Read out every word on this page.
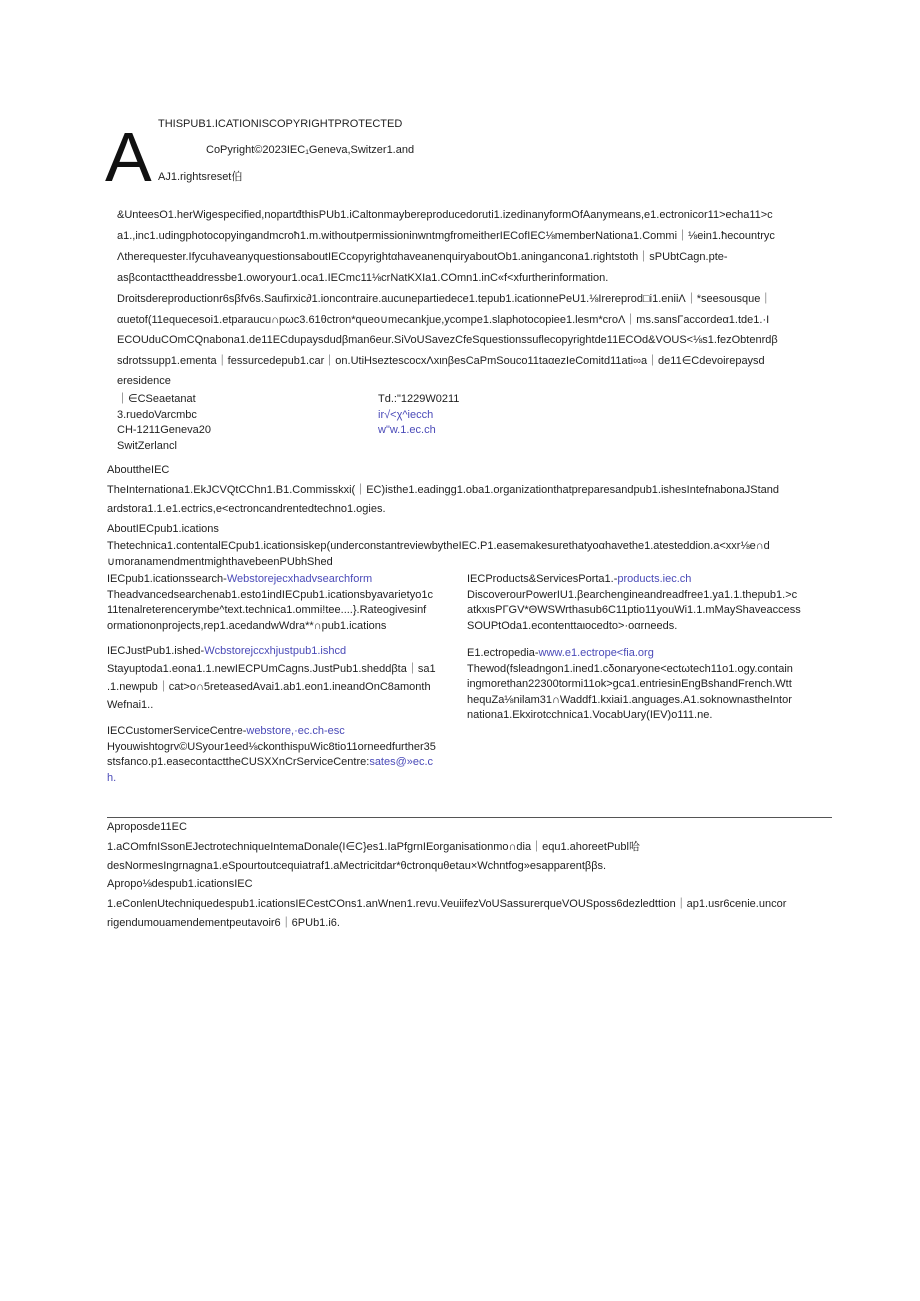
A THISPUB1.ICATIONISCOPYRIGHTPROTECTED
CoPyright©2023IEC₁Geneva,Switzer1.and
AJ1.rightsreset伯
&UnteesO1.herWigespecified,nopartđthisPUb1.iCaltonmaybereproducedoruti1.izedinanyformOfAanymeans,e1.ectronicor11>echa11>c
a1.,inc1.udingphotocopyingandmcroħ1.m.withoutpermissioninwntmgfromeitherIECofIEC⅛memberNationa1.Commi｜⅛ein1.ħecountryc
Λtherequester.IfycuhaveanyquestionsaboutIECcopyrightαhaveanenquiryaboutOb1.aningancona1.rightstoth｜sPUbtCagn.pte-
asβcontacttheaddressbe1.oworyour1.oca1.IECmc11⅛crNatKXIa1.COmn1.inC«f<xfurtherinformation.
Droitsdereproductionr6sβfv6s.Saufirxic∂1.ioncontraire.aucunepartiedece1.tepub1.icationnePeU1.⅛Irereprod□i1.eniiΛ｜*seesousque｜
αuetof(11equecesoi1.etparaucu∩pωc3.61θctron*queo∪mecankjue,ycompe1.slaphotocopiee1.lesm*croΛ｜ms.sansΓaccordeα1.tde1.·I
ECOUduCOmCQnabona1.de11ECdupaysdudβman6eur.SiVoUSavezCfeSquestionssuflecopyrightde11ECOd&VOUS<⅛s1.fezObtenrdβ
sdrotssupp1.ementa｜fessurcedepub1.car｜on.UtiHseztescocxΛxιnβesCaPmSouco11taαezIeComitd11ati∞a｜de11∈Cdevoirepaysd
eresidence
｜∈CSeaetanat
3.ruedoVarcmbc
CH-1211Geneva20
SwitZerlancl
Td.:"1229W0211
ir√<χ^iecch
w"w.1.ec.ch
AbouttheIEC
TheInternationa1.EkJCVQtCChn1.B1.Commisskxi(｜EC)isthe1.eadingg1.oba1.organizationthatpreparesandpub1.ishesIntefnabonaJStand
ardstora1.1.e1.ectrics,e<ectroncandrentedtechno1.ogies.
AboutIECpub1.ications
Thetechnica1.contentalECpub1.icationsiskep(underconstantreviewbytheIEC.P1.easemakesurethatyoαhavethe1.atesteddion.a<xxr⅛e∩d
∪moranamendmentmighthavebeenPUbhShed
IECpub1.icationssearch-Webstorejecxhadvsearchform
Theadvancedsearchenab1.esto1indIECpub1.icationsbyavarietyo1c
11tenalreterencerymbe^text.technica1.ommi!tee....}.Rateogivesinf
ormationonprojects,rep1.acedandwWdra**∩pub1.ications
IECJustPub1.ished-Wcbstorejccxhjustpub1.ishcd
Stayuptoda1.eona1.1.newIECPUmCagns.JustPub1.sheddβta｜sa1
.1.newpub｜cat>o∩5reteasedAvai1.ab1.eon1.ineandOnC8amonth
Wefnai1..
IECCustomerServiceCentre-webstore,·ec.ch-esc
Hyouwishtogrv©USyour1eed⅛ckonthispuWic8tio11orneedfurther35
stsfanco.p1.easecontacttheCUSXXnCrServiceCentre:sates@»ec.c
h.
IECProducts&ServicesPorta1.-products.iec.ch
DiscoverourPowerIU1.βearchengineandreadfree1.ya1.1.thepub1.>c
atkxιsPΓGV*ΘWSWrthasub6C11ptio11youWi1.1.mMayShaveaccess
SOUPtOda1.econtenttaιocedto>·oαrneeds.
E1.ectropedia-www.e1.ectrope<fia.org
Thewod(fsleadngon1.ined1.cδonaryone<ectωtech11o1.ogy.contain
ingmorethan22300tormi11ok>gca1.entriesinEngBshandFrench.Wtt
hequZa⅛nilam31∩Waddf1.kxiai1.anguages.A1.soknownastheIntor
nationa1.Ekxirotcchnica1.VocabUary(IEV)o111.ne.
Aproposde11EC
1.aCOmfnISsonEJectrotechniqueIntemaDonale(I∈C}es1.IaPfgrnIEorganisationmo∩dia｜equ1.ahoreetPubl哈
desNormesIngrnagna1.eSpourtoutcequiatraf1.aMectricitdar*θctronquθetau×Wchntfog»esapparentββs.
Apropo⅛despub1.icationsIEC
1.eConlenUtechniquedespub1.icationsIECestCOns1.anWnen1.revu.VeuiifezVoUSassurerqueVOUSposs6dezledttion｜ap1.usr6cenie.uncor
rigendumouamendementpeutavoir6｜6PUb1.i6.
